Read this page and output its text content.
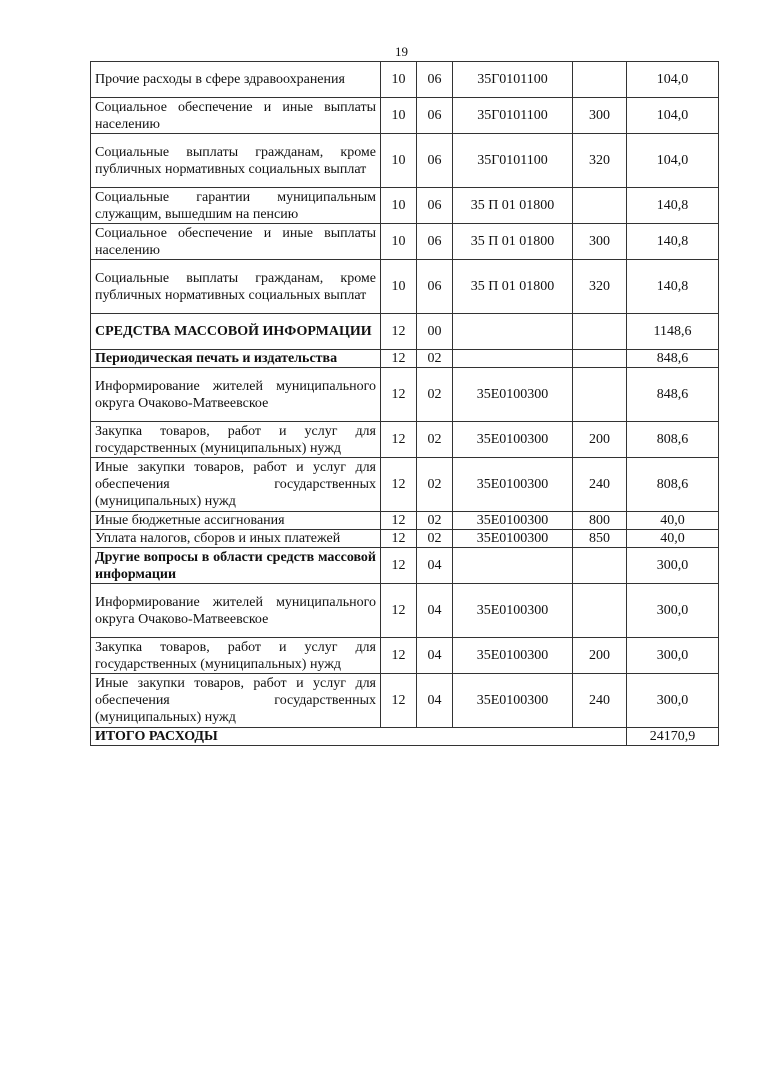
19
Прочие расходы в сфере здравоохранения	10	06	35Г0101100		104,0
Социальное обеспечение и иные выплаты населению	10	06	35Г0101100	300	104,0
Социальные выплаты гражданам, кроме публичных нормативных социальных выплат	10	06	35Г0101100	320	104,0
Социальные гарантии муниципальным служащим, вышедшим на пенсию	10	06	35 П 01 01800		140,8
Социальное обеспечение и иные выплаты населению	10	06	35 П 01 01800	300	140,8
Социальные выплаты гражданам, кроме публичных нормативных социальных выплат	10	06	35 П 01 01800	320	140,8
СРЕДСТВА МАССОВОЙ ИНФОРМАЦИИ	12	00			1148,6
Периодическая печать и издательства	12	02			848,6
Информирование жителей муниципального округа Очаково-Матвеевское	12	02	35Е0100300		848,6
Закупка товаров, работ и услуг для государственных (муниципальных) нужд	12	02	35Е0100300	200	808,6
Иные закупки товаров, работ и услуг для обеспечения государственных (муниципальных) нужд	12	02	35Е0100300	240	808,6
Иные бюджетные ассигнования	12	02	35Е0100300	800	40,0
Уплата налогов, сборов и иных платежей	12	02	35Е0100300	850	40,0
Другие вопросы в области средств массовой информации	12	04			300,0
Информирование жителей муниципального округа Очаково-Матвеевское	12	04	35Е0100300		300,0
Закупка товаров, работ и услуг для государственных (муниципальных) нужд	12	04	35Е0100300	200	300,0
Иные закупки товаров, работ и услуг для обеспечения государственных (муниципальных) нужд	12	04	35Е0100300	240	300,0
ИТОГО РАСХОДЫ					24170,9
